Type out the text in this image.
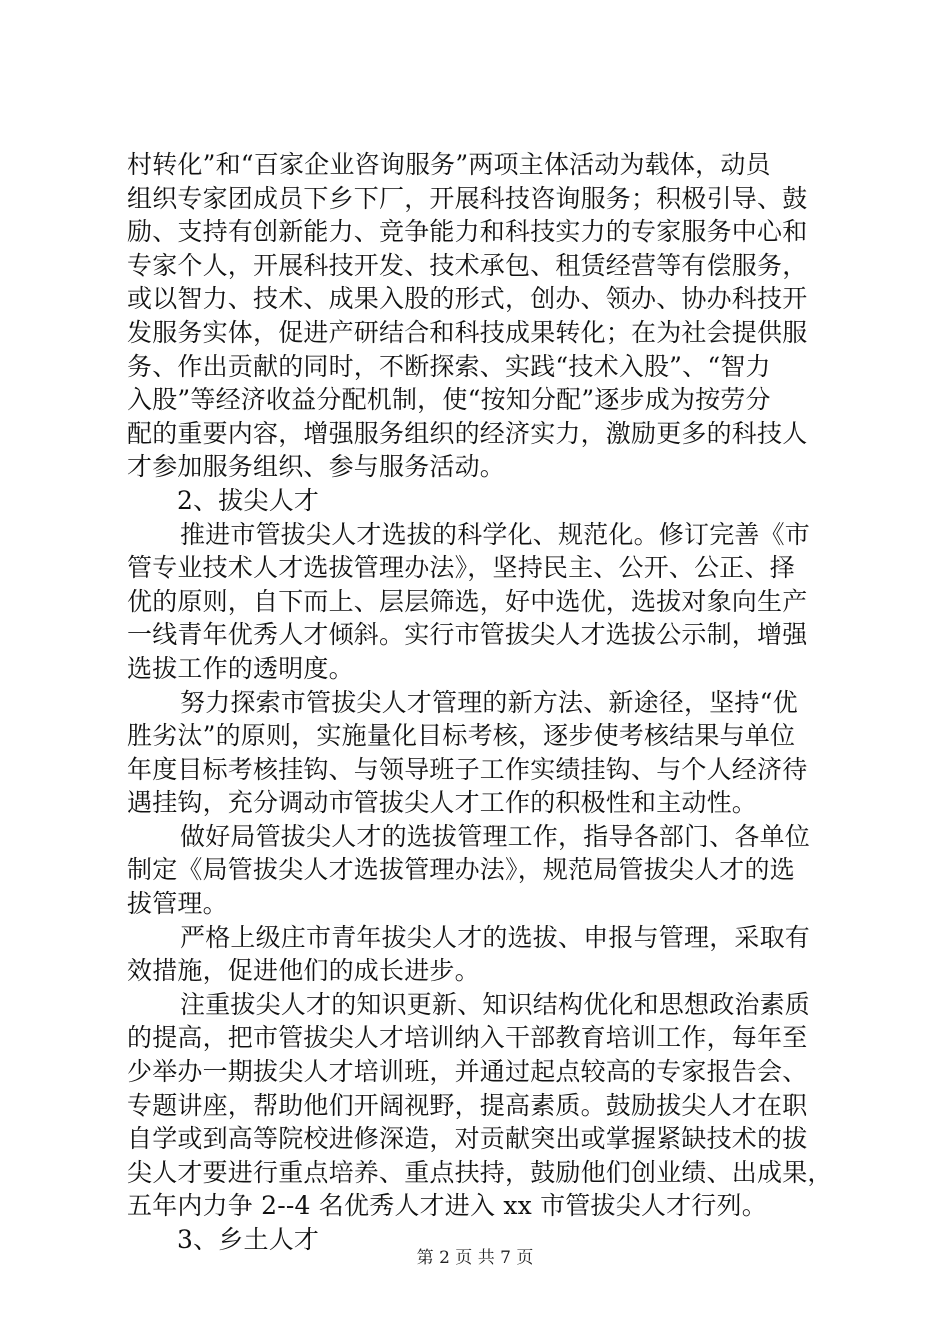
村转化”和“百家企业咨询服务”两项主体活动为载体，动员
组织专家团成员下乡下厂，开展科技咨询服务；积极引导、鼓
励、支持有创新能力、竞争能力和科技实力的专家服务中心和
专家个人，开展科技开发、技术承包、租赁经营等有偿服务，
或以智力、技术、成果入股的形式，创办、领办、协办科技开
发服务实体，促进产研结合和科技成果转化；在为社会提供服
务、作出贡献的同时，不断探索、实践“技术入股”、“智力
入股”等经济收益分配机制，使“按知分配”逐步成为按劳分
配的重要内容，增强服务组织的经济实力，激励更多的科技人
才参加服务组织、参与服务活动。
2、拔尖人才
推进市管拔尖人才选拔的科学化、规范化。修订完善《市
管专业技术人才选拔管理办法》，坚持民主、公开、公正、择
优的原则，自下而上、层层筛选，好中选优，选拔对象向生产
一线青年优秀人才倾斜。实行市管拔尖人才选拔公示制，增强
选拔工作的透明度。
努力探索市管拔尖人才管理的新方法、新途径，坚持“优
胜劣汰”的原则，实施量化目标考核，逐步使考核结果与单位
年度目标考核挂钩、与领导班子工作实绩挂钩、与个人经济待
遇挂钩，充分调动市管拔尖人才工作的积极性和主动性。
做好局管拔尖人才的选拔管理工作，指导各部门、各单位
制定《局管拔尖人才选拔管理办法》，规范局管拔尖人才的选
拔管理。
严格上级庄市青年拔尖人才的选拔、申报与管理，采取有
效措施，促进他们的成长进步。
注重拔尖人才的知识更新、知识结构优化和思想政治素质
的提高，把市管拔尖人才培训纳入干部教育培训工作，每年至
少举办一期拔尖人才培训班，并通过起点较高的专家报告会、
专题讲座，帮助他们开阔视野，提高素质。鼓励拔尖人才在职
自学或到高等院校进修深造，对贡献突出或掌握紧缺技术的拔
尖人才要进行重点培养、重点扶持，鼓励他们创业绩、出成果，
五年内力争 2--4 名优秀人才进入 xx 市管拔尖人才行列。
3、乡土人才
第 2 页 共 7 页
